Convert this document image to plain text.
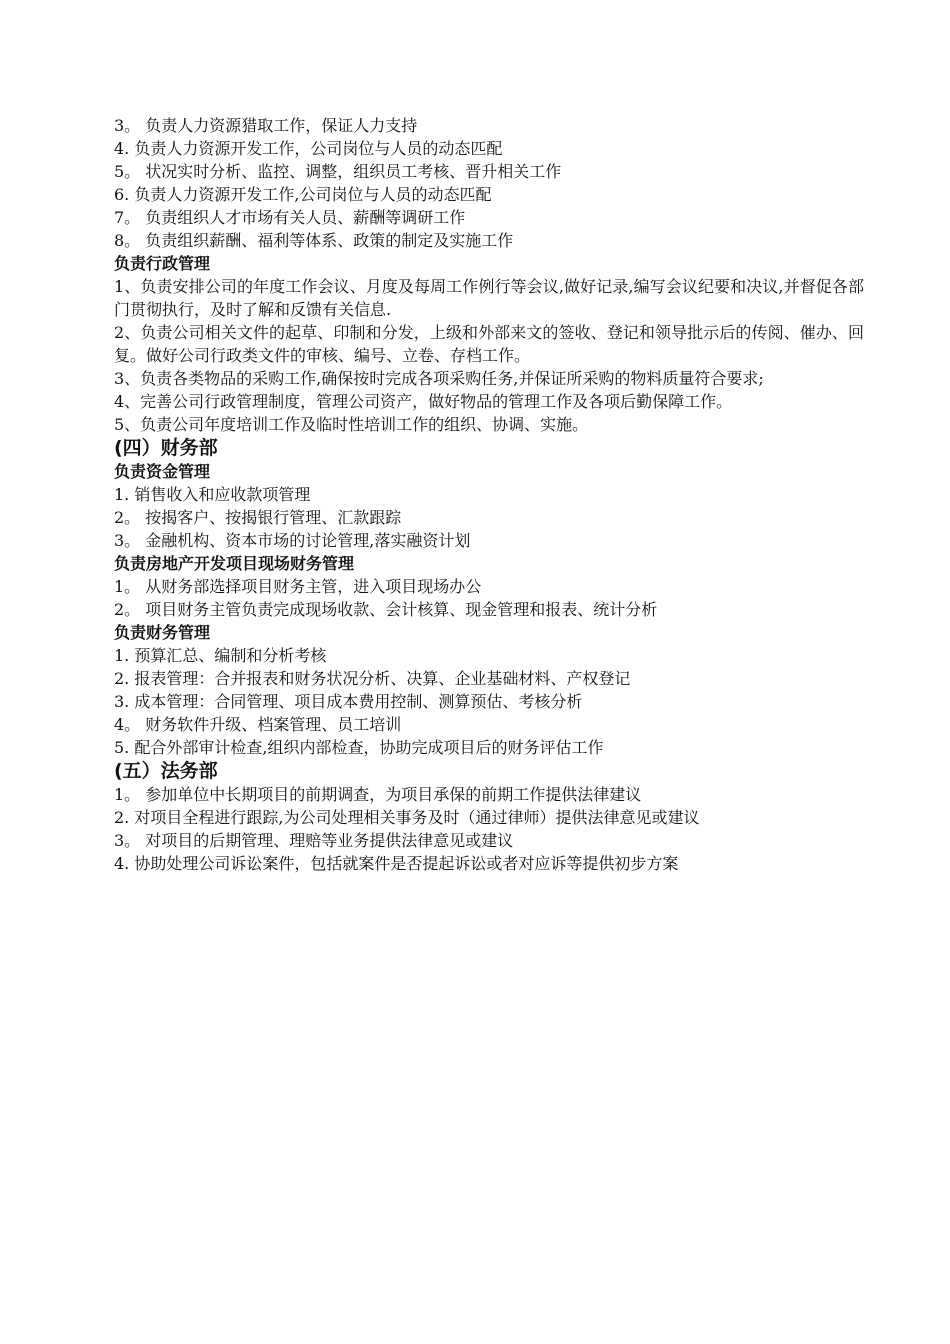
3。 负责人力资源猎取工作，保证人力支持

4. 负责人力资源开发工作，公司岗位与人员的动态匹配

5。 状况实时分析、监控、调整，组织员工考核、晋升相关工作

6. 负责人力资源开发工作,公司岗位与人员的动态匹配

7。 负责组织人才市场有关人员、薪酬等调研工作

8。 负责组织薪酬、福利等体系、政策的制定及实施工作

负责行政管理

1、负责安排公司的年度工作会议、月度及每周工作例行等会议,做好记录,编写会议纪要和决议,并督促各部门贯彻执行，及时了解和反馈有关信息.

2、负责公司相关文件的起草、印制和分发，上级和外部来文的签收、登记和领导批示后的传阅、催办、回复。做好公司行政类文件的审核、编号、立卷、存档工作。

3、负责各类物品的采购工作,确保按时完成各项采购任务,并保证所采购的物料质量符合要求;

4、完善公司行政管理制度，管理公司资产，做好物品的管理工作及各项后勤保障工作。

5、负责公司年度培训工作及临时性培训工作的组织、协调、实施。

(四）财务部

负责资金管理

1. 销售收入和应收款项管理

2。 按揭客户、按揭银行管理、汇款跟踪

3。 金融机构、资本市场的讨论管理,落实融资计划

负责房地产开发项目现场财务管理

1。 从财务部选择项目财务主管，进入项目现场办公

2。 项目财务主管负责完成现场收款、会计核算、现金管理和报表、统计分析

负责财务管理

1. 预算汇总、编制和分析考核

2. 报表管理：合并报表和财务状况分析、决算、企业基础材料、产权登记

3. 成本管理：合同管理、项目成本费用控制、测算预估、考核分析

4。 财务软件升级、档案管理、员工培训

5. 配合外部审计检查,组织内部检查，协助完成项目后的财务评估工作

(五）法务部

1。 参加单位中长期项目的前期调查，为项目承保的前期工作提供法律建议

2. 对项目全程进行跟踪,为公司处理相关事务及时（通过律师）提供法律意见或建议

3。 对项目的后期管理、理赔等业务提供法律意见或建议

4. 协助处理公司诉讼案件，包括就案件是否提起诉讼或者对应诉等提供初步方案
